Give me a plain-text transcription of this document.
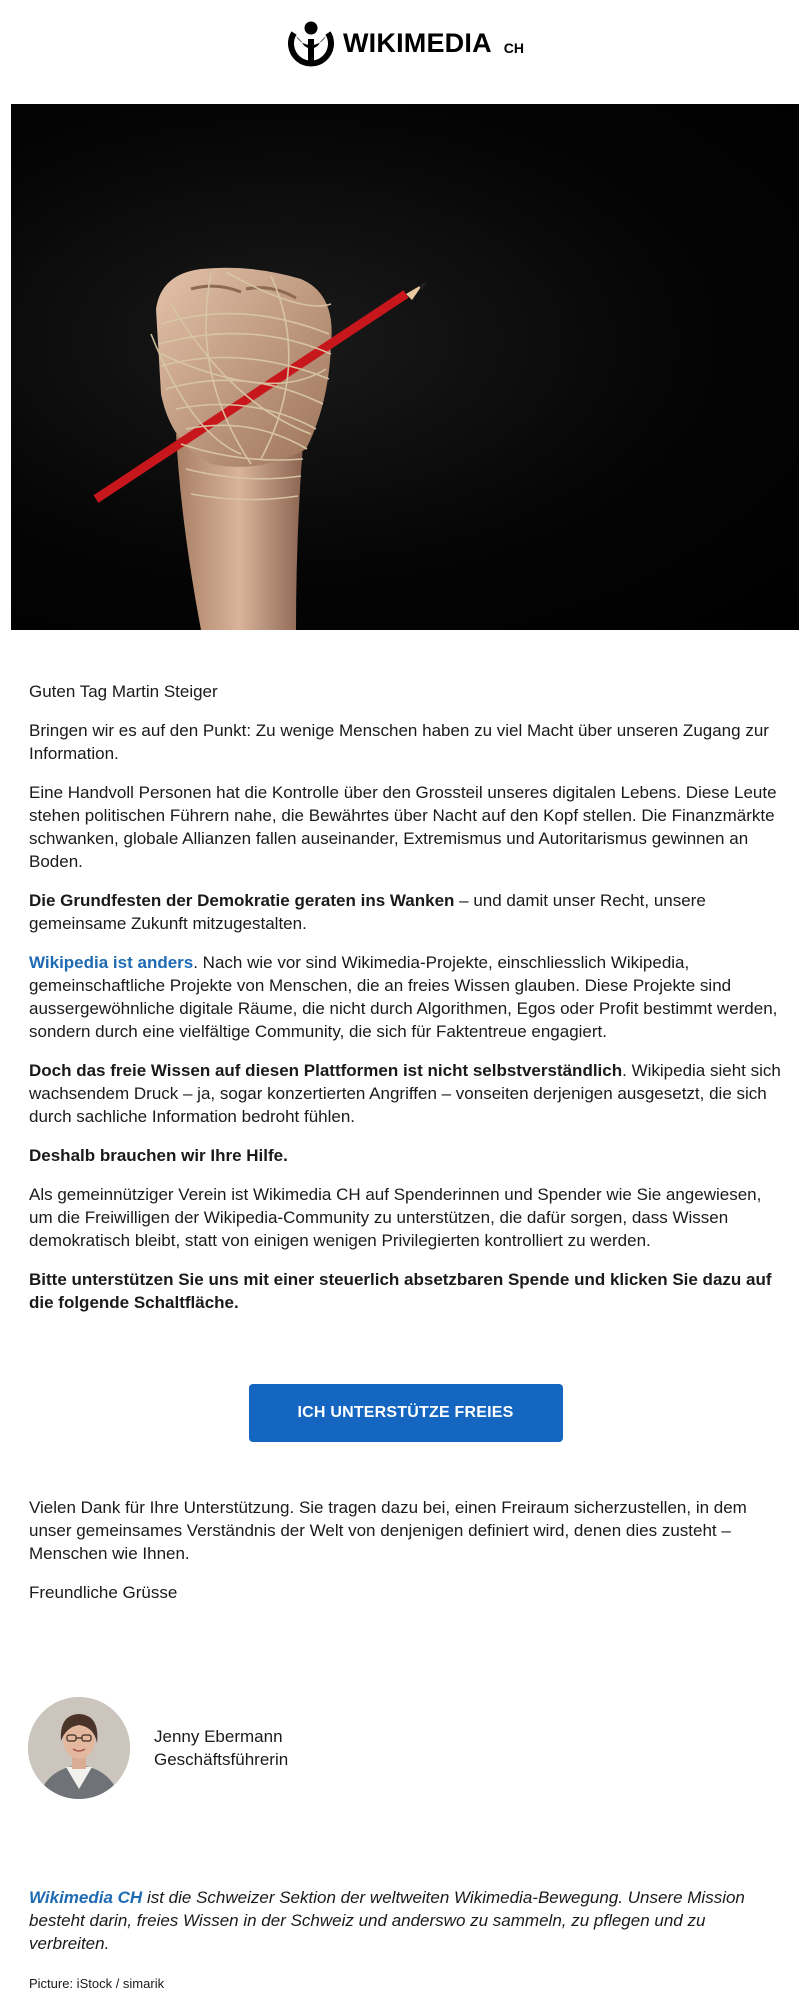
WIKIMEDIA CH

Guten Tag Martin Steiger

Bringen wir es auf den Punkt: Zu wenige Menschen haben zu viel Macht über unseren Zugang zur Information.

Eine Handvoll Personen hat die Kontrolle über den Grossteil unseres digitalen Lebens. Diese Leute stehen politischen Führern nahe, die Bewährtes über Nacht auf den Kopf stellen. Die Finanzmärkte schwanken, globale Allianzen fallen auseinander, Extremismus und Autoritarismus gewinnen an Boden.

Die Grundfesten der Demokratie geraten ins Wanken – und damit unser Recht, unsere gemeinsame Zukunft mitzugestalten.

Wikipedia ist anders. Nach wie vor sind Wikimedia-Projekte, einschliesslich Wikipedia, gemeinschaftliche Projekte von Menschen, die an freies Wissen glauben. Diese Projekte sind aussergewöhnliche digitale Räume, die nicht durch Algorithmen, Egos oder Profit bestimmt werden, sondern durch eine vielfältige Community, die sich für Faktentreue engagiert.

Doch das freie Wissen auf diesen Plattformen ist nicht selbstverständlich. Wikipedia sieht sich wachsendem Druck – ja, sogar konzertierten Angriffen – vonseiten derjenigen ausgesetzt, die sich durch sachliche Information bedroht fühlen.

Deshalb brauchen wir Ihre Hilfe.

Als gemeinnütziger Verein ist Wikimedia CH auf Spenderinnen und Spender wie Sie angewiesen, um die Freiwilligen der Wikipedia-Community zu unterstützen, die dafür sorgen, dass Wissen demokratisch bleibt, statt von einigen wenigen Privilegierten kontrolliert zu werden.

Bitte unterstützen Sie uns mit einer steuerlich absetzbaren Spende und klicken Sie dazu auf die folgende Schaltfläche.

ICH UNTERSTÜTZE FREIES WISSEN

Vielen Dank für Ihre Unterstützung. Sie tragen dazu bei, einen Freiraum sicherzustellen, in dem unser gemeinsames Verständnis der Welt von denjenigen definiert wird, denen dies zusteht – Menschen wie Ihnen.

Freundliche Grüsse

Jenny Ebermann
Geschäftsführerin
Wikimedia CH ist die Schweizer Sektion der weltweiten Wikimedia-Bewegung. Unsere Mission besteht darin, freies Wissen in der Schweiz und anderswo zu sammeln, zu pflegen und zu verbreiten.
Picture: iStock / simarik
